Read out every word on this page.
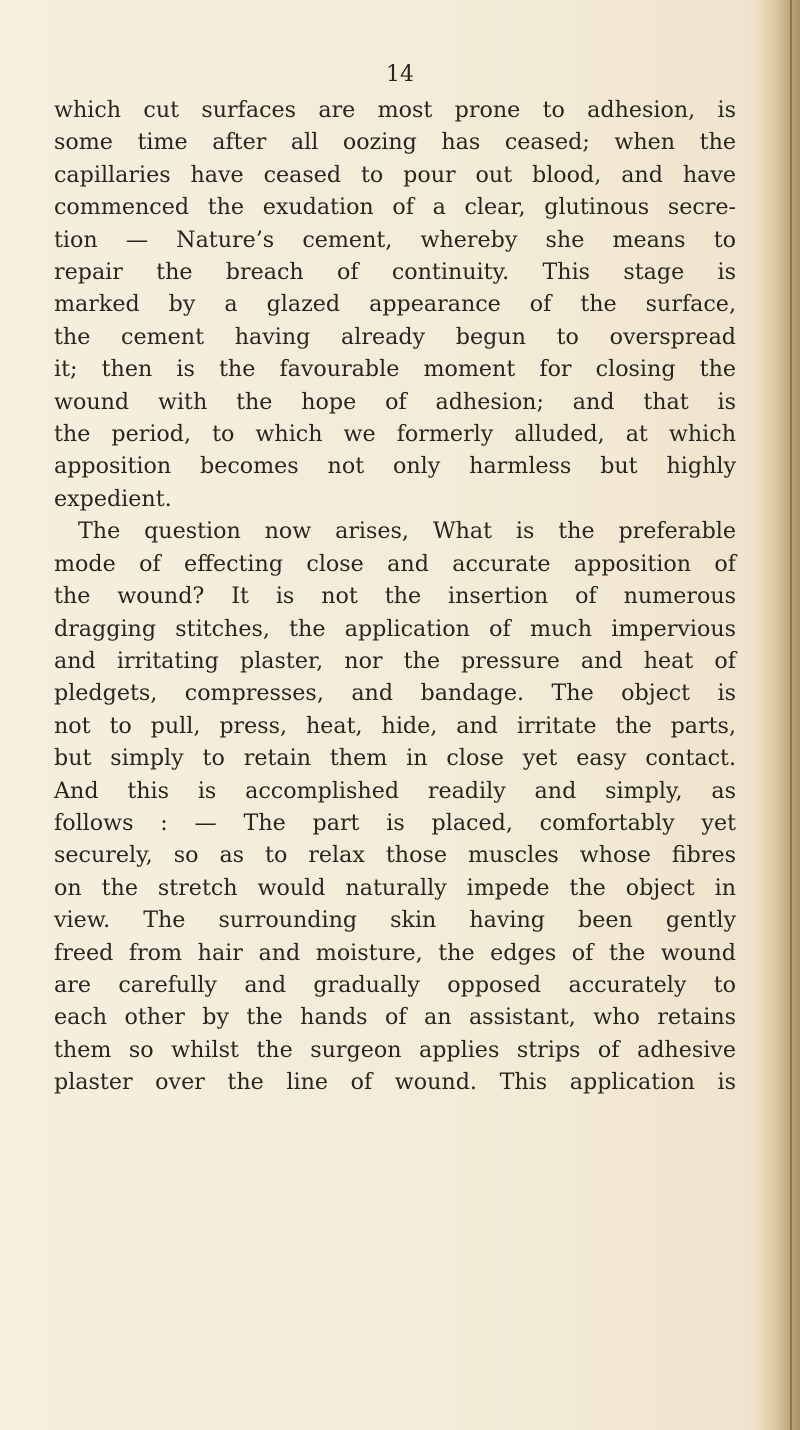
14

which cut surfaces are most prone to adhesion, is
some time after all oozing has ceased; when the
capillaries have ceased to pour out blood, and have
commenced the exudation of a clear, glutinous secre-
tion — Nature’s cement, whereby she means to
repair the breach of continuity. This stage is
marked by a glazed appearance of the surface,
the cement having already begun to overspread
it; then is the favourable moment for closing the
wound with the hope of adhesion; and that is
the period, to which we formerly alluded, at which
apposition becomes not only harmless but highly
expedient.
The question now arises, What is the preferable
mode of effecting close and accurate apposition of
the wound? It is not the insertion of numerous
dragging stitches, the application of much impervious
and irritating plaster, nor the pressure and heat of
pledgets, compresses, and bandage. The object is
not to pull, press, heat, hide, and irritate the parts,
but simply to retain them in close yet easy contact.
And this is accomplished readily and simply, as
follows : — The part is placed, comfortably yet
securely, so as to relax those muscles whose fibres
on the stretch would naturally impede the object in
view. The surrounding skin having been gently
freed from hair and moisture, the edges of the wound
are carefully and gradually opposed accurately to
each other by the hands of an assistant, who retains
them so whilst the surgeon applies strips of adhesive
plaster over the line of wound. This application is
